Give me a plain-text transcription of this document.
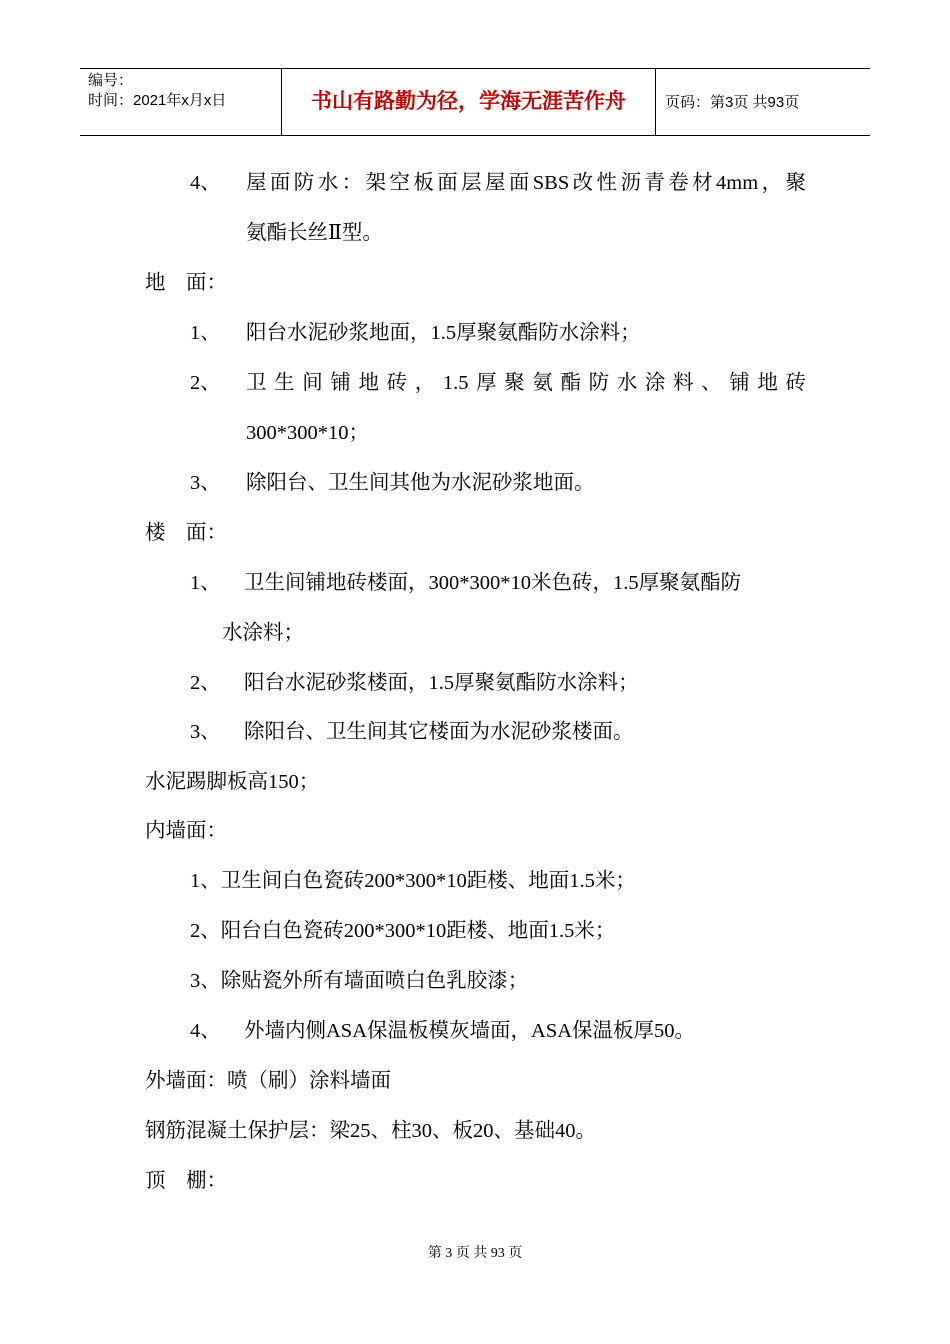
编号：
时间：2021年x月x日	书山有路勤为径，学海无涯苦作舟	页码：第3页 共93页
4、 屋面防水：架空板面层屋面SBS改性沥青卷材4mm，聚
氨酯长丝Ⅱ型。
地　面：
1、 阳台水泥砂浆地面，1.5厚聚氨酯防水涂料；
2、 卫生间铺地砖，1.5厚聚氨酯防水涂料、铺地砖
300*300*10；
3、 除阳台、卫生间其他为水泥砂浆地面。
楼　面：
1、 卫生间铺地砖楼面，300*300*10米色砖，1.5厚聚氨酯防
水涂料；
2、 阳台水泥砂浆楼面，1.5厚聚氨酯防水涂料；
3、 除阳台、卫生间其它楼面为水泥砂浆楼面。
水泥踢脚板高150；
内墙面：
1、卫生间白色瓷砖200*300*10距楼、地面1.5米；
2、阳台白色瓷砖200*300*10距楼、地面1.5米；
3、除贴瓷外所有墙面喷白色乳胶漆；
4、 外墙内侧ASA保温板模灰墙面，ASA保温板厚50。
外墙面：喷（刷）涂料墙面
钢筋混凝土保护层：梁25、柱30、板20、基础40。
顶　棚：
第 3 页 共 93 页
